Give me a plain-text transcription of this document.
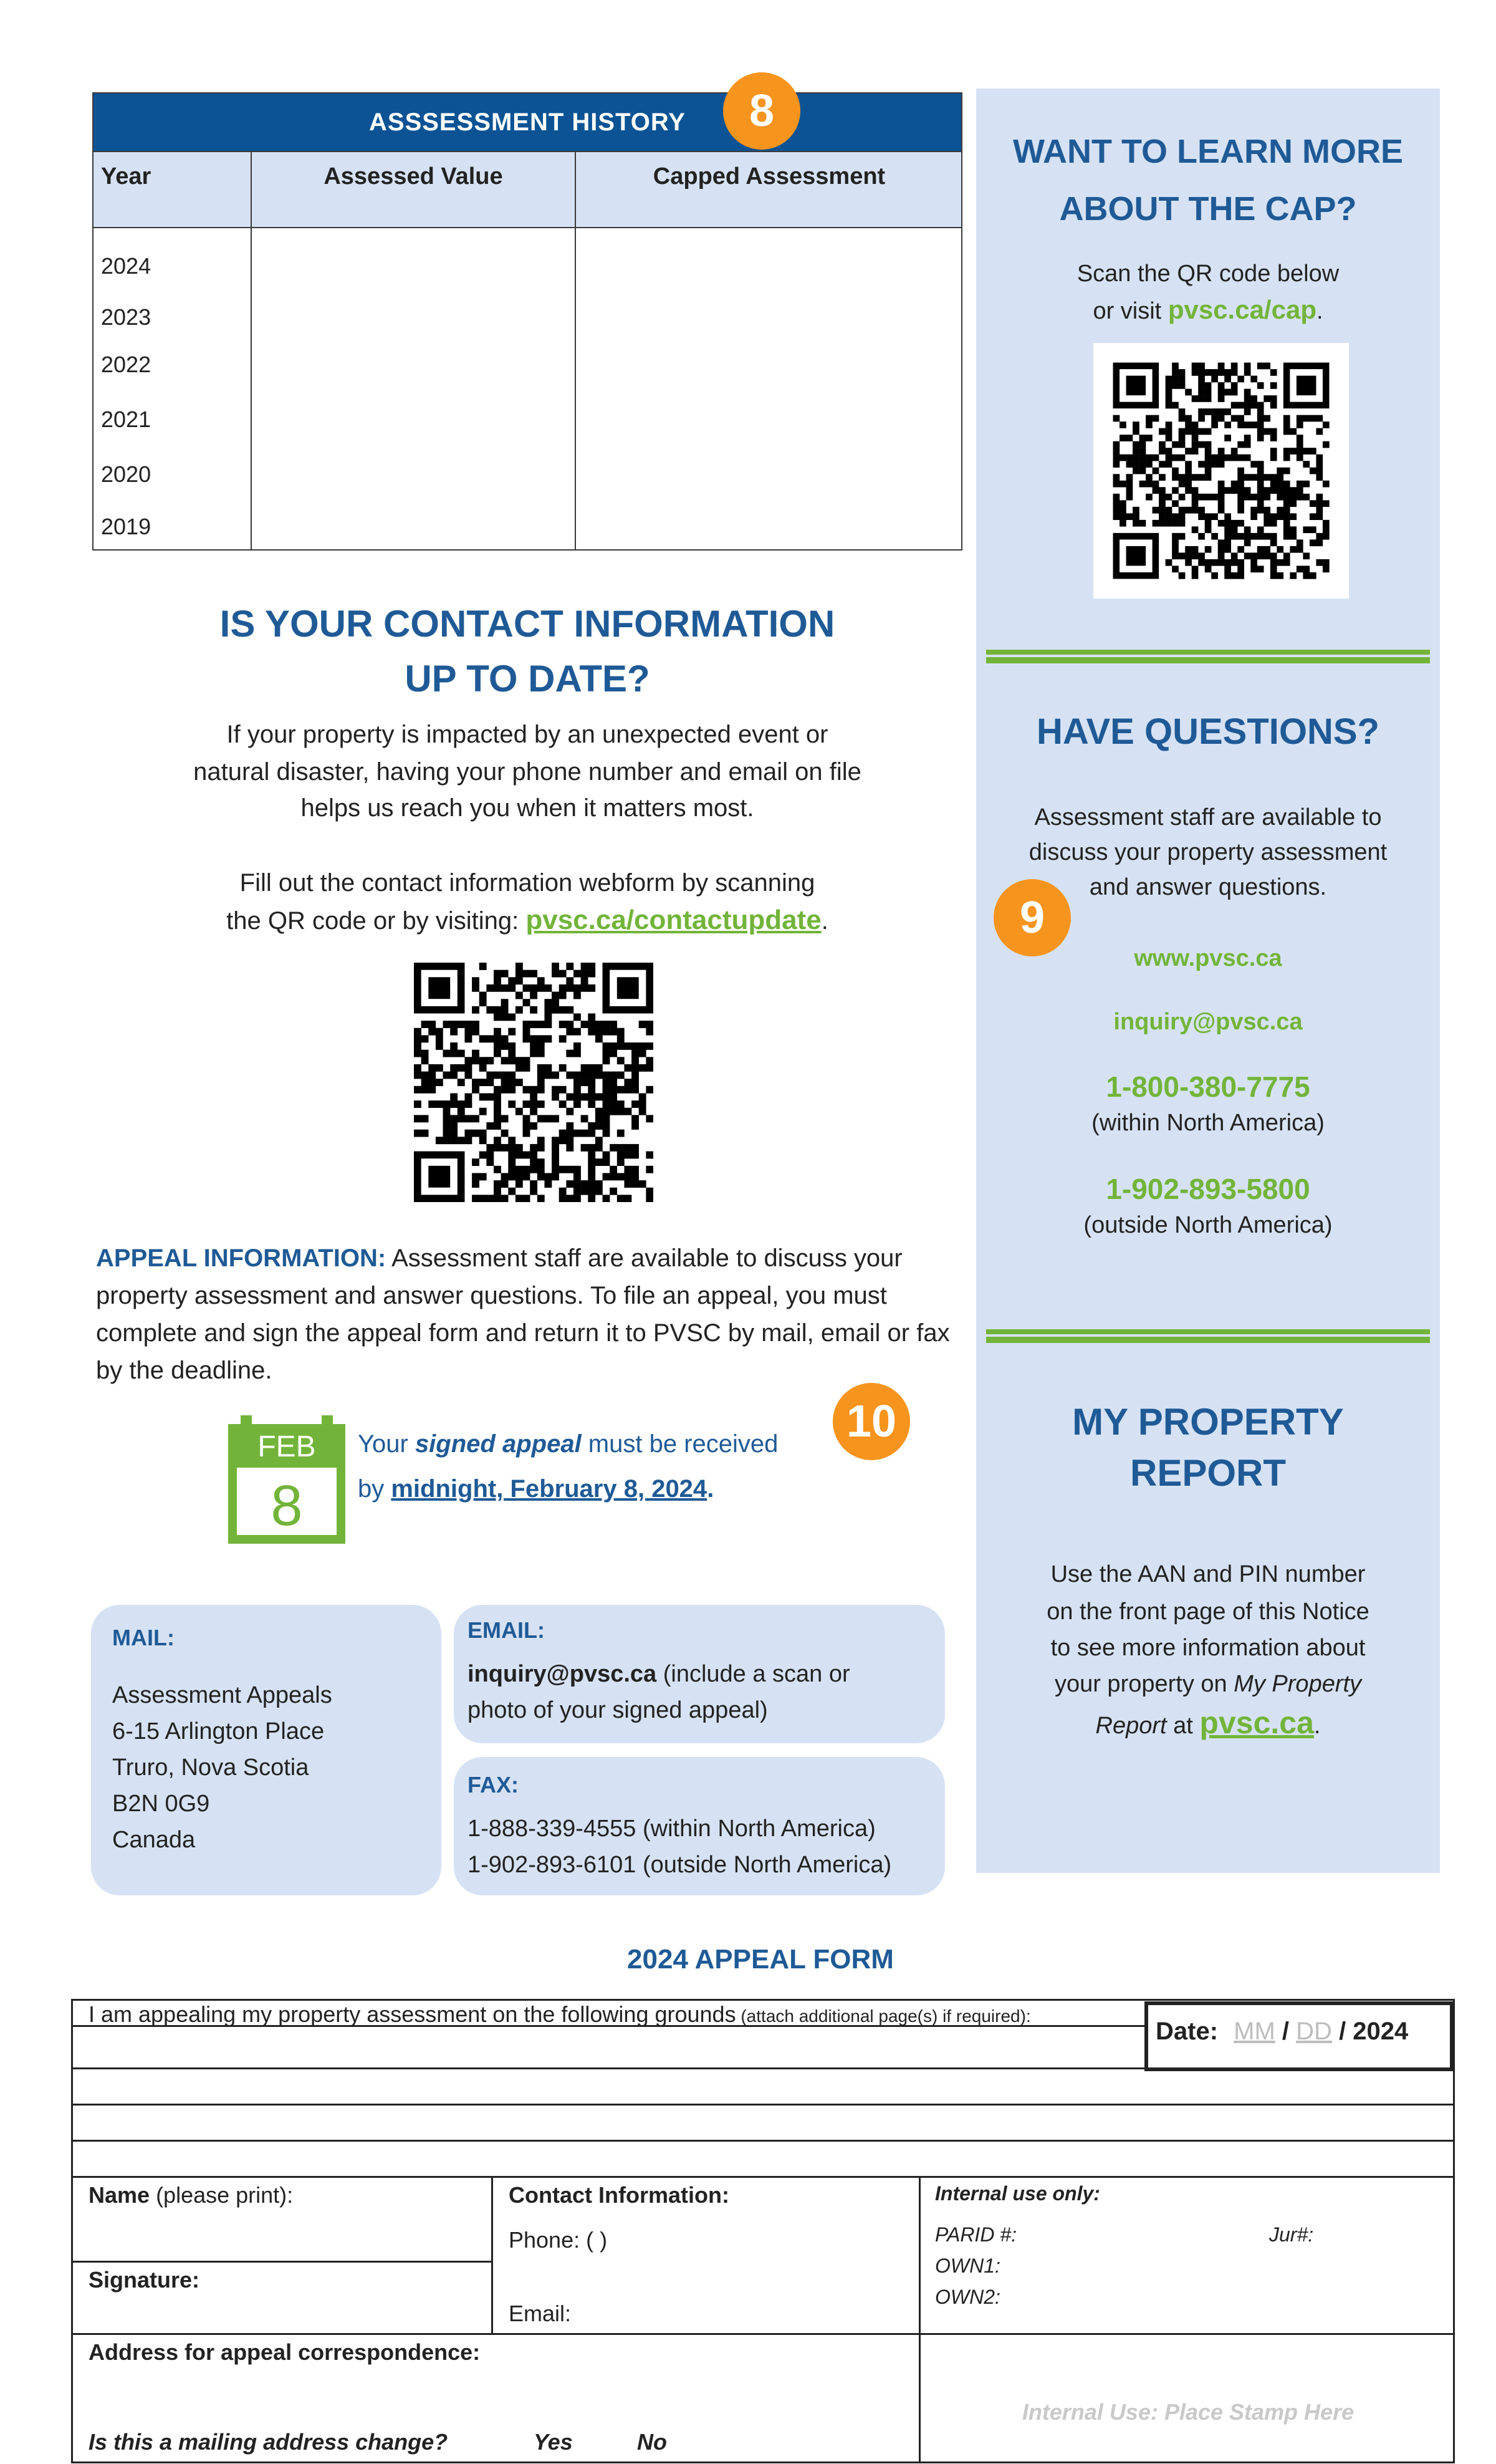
ASSSESSMENT HISTORY
Year	Assessed Value	Capped Assessment
2024
2023
2022
2021
2020
2019
8
IS YOUR CONTACT INFORMATION
UP TO DATE?
If your property is impacted by an unexpected event or
natural disaster, having your phone number and email on file
helps us reach you when it matters most.
Fill out the contact information webform by scanning
the QR code or by visiting: pvsc.ca/contactupdate.
APPEAL INFORMATION: Assessment staff are available to discuss your property assessment and answer questions. To file an appeal, you must complete and sign the appeal form and return it to PVSC by mail, email or fax by the deadline.
FEB
8
Your signed appeal must be received
by midnight, February 8, 2024.
10
MAIL:
Assessment Appeals
6-15 Arlington Place
Truro, Nova Scotia
B2N 0G9
Canada
EMAIL:
inquiry@pvsc.ca (include a scan or
photo of your signed appeal)
FAX:
1-888-339-4555 (within North America)
1-902-893-6101 (outside North America)
WANT TO LEARN MORE
ABOUT THE CAP?
Scan the QR code below
or visit pvsc.ca/cap.
HAVE QUESTIONS?
Assessment staff are available to
discuss your property assessment
and answer questions.
9
www.pvsc.ca
inquiry@pvsc.ca
1-800-380-7775
(within North America)
1-902-893-5800
(outside North America)
MY PROPERTY
REPORT
Use the AAN and PIN number
on the front page of this Notice
to see more information about
your property on My Property
Report at pvsc.ca.
2024 APPEAL FORM
Date: MM / DD / 2024
I am appealing my property assessment on the following grounds (attach additional page(s) if required):
Name (please print):
Signature:
Contact Information:
Phone: ( )
Email:
Internal use only:
PARID #:	Jur#:
OWN1:
OWN2:
Address for appeal correspondence:
Is this a mailing address change?	Yes	No
Internal Use: Place Stamp Here
